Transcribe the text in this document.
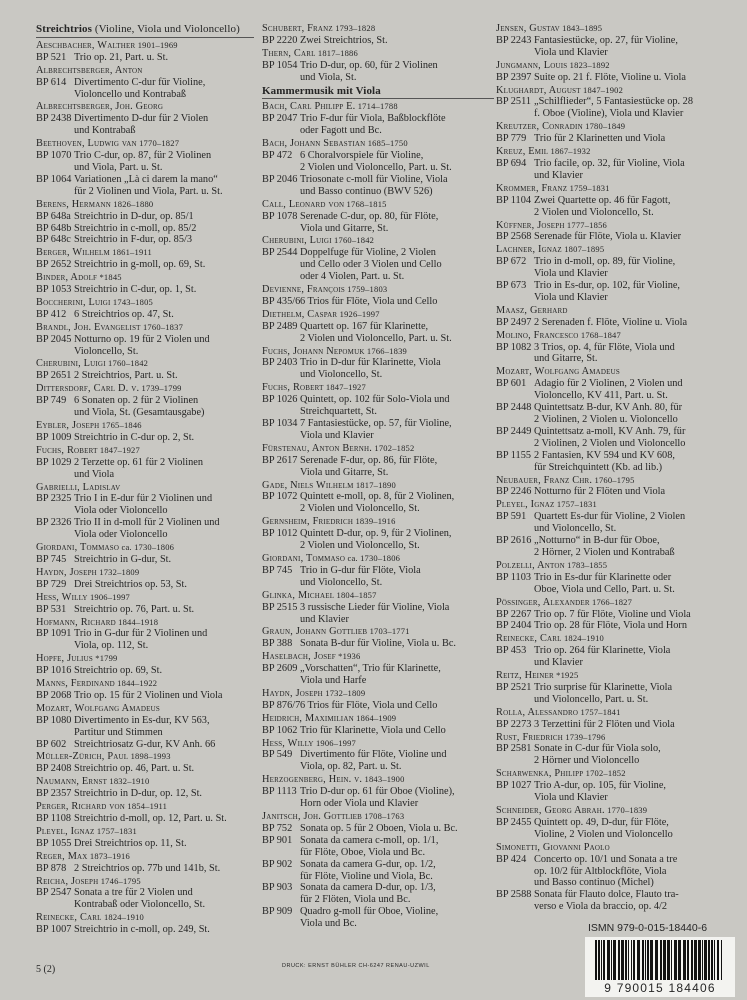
Streichtrios (Violine, Viola und Violoncello)
Aeschbacher, Walther 1901–1969
BP 521 Trio op. 21, Part. u. St.
Albrechtsberger, Anton
BP 614 Divertimento C-dur für Violine,
Violoncello und Kontrabaß
Albrechtsberger, Joh. Georg
BP 2438 Divertimento D-dur für 2 Violen
und Kontrabaß
Beethoven, Ludwig van 1770–1827
BP 1070 Trio C-dur, op. 87, für 2 Violinen
und Viola, Part. u. St.
BP 1064 Variationen „Là ci darem la mano“
für 2 Violinen und Viola, Part. u. St.
Berens, Hermann 1826–1880
BP 648a Streichtrio in D-dur, op. 85/1
BP 648b Streichtrio in c-moll, op. 85/2
BP 648c Streichtrio in F-dur, op. 85/3
Berger, Wilhelm 1861–1911
BP 2652 Streichtrio in g-moll, op. 69, St.
Binder, Adolf *1845
BP 1053 Streichtrio in C-dur, op. 1, St.
Boccherini, Luigi 1743–1805
BP 412 6 Streichtrios op. 47, St.
Brandl, Joh. Evangelist 1760–1837
BP 2045 Notturno op. 19 für 2 Violen und
Violoncello, St.
Cherubini, Luigi 1760–1842
BP 2651 2 Streichtrios, Part. u. St.
Dittersdorf, Carl D. v. 1739–1799
BP 749 6 Sonaten op. 2 für 2 Violinen
und Viola, St. (Gesamtausgabe)
Eybler, Joseph 1765–1846
BP 1009 Streichtrio in C-dur op. 2, St.
Fuchs, Robert 1847–1927
BP 1029 2 Terzette op. 61 für 2 Violinen
und Viola
Gabrielli, Ladislav
BP 2325 Trio I in E-dur für 2 Violinen und
Viola oder Violoncello
BP 2326 Trio II in d-moll für 2 Violinen und
Viola oder Violoncello
Giordani, Tommaso ca. 1730–1806
BP 745 Streichtrio in G-dur, St.
Haydn, Joseph 1732–1809
BP 729 Drei Streichtrios op. 53, St.
Hess, Willy 1906–1997
BP 531 Streichtrio op. 76, Part. u. St.
Hofmann, Richard 1844–1918
BP 1091 Trio in G-dur für 2 Violinen und
Viola, op. 112, St.
Hopfe, Julius *1799
BP 1016 Streichtrio op. 69, St.
Manns, Ferdinand 1844–1922
BP 2068 Trio op. 15 für 2 Violinen und Viola
Mozart, Wolfgang Amadeus
BP 1080 Divertimento in Es-dur, KV 563,
Partitur und Stimmen
BP 602 Streichtriosatz G-dur, KV Anh. 66
Müller-Zürich, Paul 1898–1993
BP 2408 Streichtrio op. 46, Part. u. St.
Naumann, Ernst 1832–1910
BP 2357 Streichtrio in D-dur, op. 12, St.
Perger, Richard von 1854–1911
BP 1108 Streichtrio d-moll, op. 12, Part. u. St.
Pleyel, Ignaz 1757–1831
BP 1055 Drei Streichtrios op. 11, St.
Reger, Max 1873–1916
BP 878 2 Streichtrios op. 77b und 141b, St.
Reicha, Joseph 1746–1795
BP 2547 Sonata a tre für 2 Violen und
Kontrabaß oder Violoncello, St.
Reinecke, Carl 1824–1910
BP 1007 Streichtrio in c-moll, op. 249, St.
Schubert, Franz 1793–1828
BP 2220 Zwei Streichtrios, St.
Thern, Carl 1817–1886
BP 1054 Trio D-dur, op. 60, für 2 Violinen
und Viola, St.
Kammermusik mit Viola
Bach, Carl Philipp E. 1714–1788
BP 2047 Trio F-dur für Viola, Baßblockflöte
oder Fagott und Bc.
Bach, Johann Sebastian 1685–1750
BP 472 6 Choralvorspiele für Violine,
2 Violen und Violoncello, Part. u. St.
BP 2046 Triosonate c-moll für Violine, Viola
und Basso continuo (BWV 526)
Call, Leonard von 1768–1815
BP 1078 Serenade C-dur, op. 80, für Flöte,
Viola und Gitarre, St.
Cherubini, Luigi 1760–1842
BP 2544 Doppelfuge für Violine, 2 Violen
und Cello oder 3 Violen und Cello
oder 4 Violen, Part. u. St.
Devienne, François 1759–1803
BP 435/6 6 Trios für Flöte, Viola und Cello
Diethelm, Caspar 1926–1997
BP 2489 Quartett op. 167 für Klarinette,
2 Violen und Violoncello, Part. u. St.
Fuchs, Johann Nepomuk 1766–1839
BP 2403 Trio in D-dur für Klarinette, Viola
und Violoncello, St.
Fuchs, Robert 1847–1927
BP 1026 Quintett, op. 102 für Solo-Viola und
Streichquartett, St.
BP 1034 7 Fantasiestücke, op. 57, für Violine,
Viola und Klavier
Fürstenau, Anton Bernh. 1702–1852
BP 2617 Serenade F-dur, op. 86, für Flöte,
Viola und Gitarre, St.
Gade, Niels Wilhelm 1817–1890
BP 1072 Quintett e-moll, op. 8, für 2 Violinen,
2 Violen und Violoncello, St.
Gernsheim, Friedrich 1839–1916
BP 1012 Quintett D-dur, op. 9, für 2 Violinen,
2 Violen und Violoncello, St.
Giordani, Tommaso ca. 1730–1806
BP 745 Trio in G-dur für Flöte, Viola
und Violoncello, St.
Glinka, Michael 1804–1857
BP 2515 3 russische Lieder für Violine, Viola
und Klavier
Graun, Johann Gottlieb 1703–1771
BP 388 Sonata B-dur für Violine, Viola u. Bc.
Haselbach, Josef *1936
BP 2609 „Vorschatten“, Trio für Klarinette,
Viola und Harfe
Haydn, Joseph 1732–1809
BP 876/7 6 Trios für Flöte, Viola und Cello
Heidrich, Maximilian 1864–1909
BP 1062 Trio für Klarinette, Viola und Cello
Hess, Willy 1906–1997
BP 549 Divertimento für Flöte, Violine und
Viola, op. 82, Part. u. St.
Herzogenberg, Hein. v. 1843–1900
BP 1113 Trio D-dur op. 61 für Oboe (Violine),
Horn oder Viola und Klavier
Janitsch, Joh. Gottlieb 1708–1763
BP 752 Sonata op. 5 für 2 Oboen, Viola u. Bc.
BP 901 Sonata da camera c-moll, op. 1/1,
für Flöte, Oboe, Viola und Bc.
BP 902 Sonata da camera G-dur, op. 1/2,
für Flöte, Violine und Viola, Bc.
BP 903 Sonata da camera D-dur, op. 1/3,
für 2 Flöten, Viola und Bc.
BP 909 Quadro g-moll für Oboe, Violine,
Viola und Bc.
Jensen, Gustav 1843–1895
BP 2243 Fantasiestücke, op. 27, für Violine,
Viola und Klavier
Jungmann, Louis 1823–1892
BP 2397 Suite op. 21 f. Flöte, Violine u. Viola
Klughardt, August 1847–1902
BP 2511 „Schilflieder“, 5 Fantasiestücke op. 28
f. Oboe (Violine), Viola und Klavier
Kreutzer, Conradin 1780–1849
BP 779 Trio für 2 Klarinetten und Viola
Kreuz, Emil 1867–1932
BP 694 Trio facile, op. 32, für Violine, Viola
und Klavier
Krommer, Franz 1759–1831
BP 1104 Zwei Quartette op. 46 für Fagott,
2 Violen und Violoncello, St.
Küffner, Joseph 1777–1856
BP 2568 Serenade für Flöte, Viola u. Klavier
Lachner, Ignaz 1807–1895
BP 672 Trio in d-moll, op. 89, für Violine,
Viola und Klavier
BP 673 Trio in Es-dur, op. 102, für Violine,
Viola und Klavier
Maasz, Gerhard
BP 2497 2 Serenaden f. Flöte, Violine u. Viola
Molino, Francesco 1768–1847
BP 1082 3 Trios, op. 4, für Flöte, Viola und
und Gitarre, St.
Mozart, Wolfgang Amadeus
BP 601 Adagio für 2 Violinen, 2 Violen und
Violoncello, KV 411, Part. u. St.
BP 2448 Quintettsatz B-dur, KV Anh. 80, für
2 Violinen, 2 Violen u. Violoncello
BP 2449 Quintettsatz a-moll, KV Anh. 79, für
2 Violinen, 2 Violen und Violoncello
BP 1155 2 Fantasien, KV 594 und KV 608,
für Streichquintett (Kb. ad lib.)
Neubauer, Franz Chr. 1760–1795
BP 2246 Notturno für 2 Flöten und Viola
Pleyel, Ignaz 1757–1831
BP 591 Quartett Es-dur für Violine, 2 Violen
und Violoncello, St.
BP 2616 „Notturno“ in B-dur für Oboe,
2 Hörner, 2 Violen und Kontrabaß
Polzelli, Anton 1783–1855
BP 1103 Trio in Es-dur für Klarinette oder
Oboe, Viola und Cello, Part. u. St.
Pössinger, Alexander 1766–1827
BP 2267 Trio op. 7 für Flöte, Violine und Viola
BP 2404 Trio op. 28 für Flöte, Viola und Horn
Reinecke, Carl 1824–1910
BP 453 Trio op. 264 für Klarinette, Viola
und Klavier
Reitz, Heiner *1925
BP 2521 Trio surprise für Klarinette, Viola
und Violoncello, Part. u. St.
Rolla, Alessandro 1757–1841
BP 2273 3 Terzettini für 2 Flöten und Viola
Rust, Friedrich 1739–1796
BP 2581 Sonate in C-dur für Viola solo,
2 Hörner und Violoncello
Scharwenka, Philipp 1702–1852
BP 1027 Trio A-dur, op. 105, für Violine,
Viola und Klavier
Schneider, Georg Abrah. 1770–1839
BP 2455 Quintett op. 49, D-dur, für Flöte,
Violine, 2 Violen und Violoncello
Simonetti, Giovanni Paolo
BP 424 Concerto op. 10/1 und Sonata a tre
op. 10/2 für Altblockflöte, Viola
und Basso continuo (Michel)
BP 2588 Sonata für Flauto dolce, Flauto tra-
verso e Viola da braccio, op. 4/2
5 (2)	DRUCK: ERNST BÜHLER CH-6247 RENAU-UZWIL
ISMN 979-0-015-18440-6
9 790015 184406
